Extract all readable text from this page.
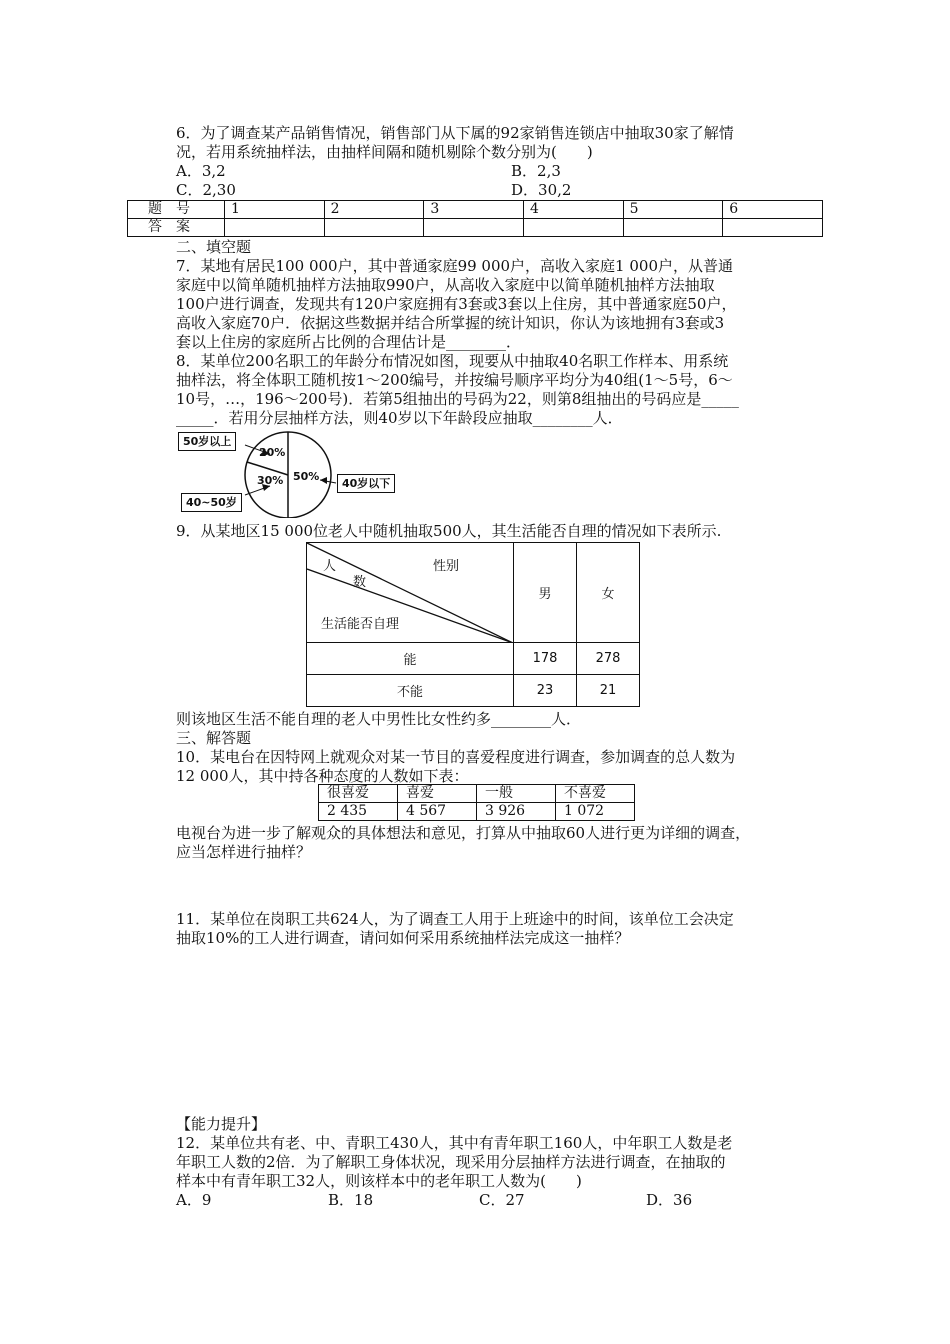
6．为了调查某产品销售情况，销售部门从下属的92家销售连锁店中抽取30家了解情
况，若用系统抽样法，由抽样间隔和随机剔除个数分别为(　　)
A．3,2	B．2,3
C．2,30	D．30,2
题号	1	2	3	4	5	6
答案						
二、填空题
7．某地有居民100 000户，其中普通家庭99 000户，高收入家庭1 000户，从普通
家庭中以简单随机抽样方法抽取990户，从高收入家庭中以简单随机抽样方法抽取
100户进行调查，发现共有120户家庭拥有3套或3套以上住房，其中普通家庭50户，
高收入家庭70户．依据这些数据并结合所掌握的统计知识，你认为该地拥有3套或3
套以上住房的家庭所占比例的合理估计是________．
8．某单位200名职工的年龄分布情况如图，现要从中抽取40名职工作样本、用系统
抽样法，将全体职工随机按1～200编号，并按编号顺序平均分为40组(1～5号，6～
10号，…，196～200号)．若第5组抽出的号码为22，则第8组抽出的号码应是_____
_____．若用分层抽样方法，则40岁以下年龄段应抽取________人．
50岁以上
20%
50%
30%	40岁以下
40~50岁
9．从某地区15 000位老人中随机抽取500人，其生活能否自理的情况如下表所示.
人
数
性别
生活能否自理	男	女
能	178	278
不能	23	21
则该地区生活不能自理的老人中男性比女性约多________人．
三、解答题
10．某电台在因特网上就观众对某一节目的喜爱程度进行调查，参加调查的总人数为
12 000人，其中持各种态度的人数如下表：
很喜爱	喜爱	一般	不喜爱
2 435	4 567	3 926	1 072
电视台为进一步了解观众的具体想法和意见，打算从中抽取60人进行更为详细的调查，
应当怎样进行抽样？
11．某单位在岗职工共624人，为了调查工人用于上班途中的时间，该单位工会决定
抽取10%的工人进行调查，请问如何采用系统抽样法完成这一抽样？
【能力提升】
12．某单位共有老、中、青职工430人，其中有青年职工160人，中年职工人数是老
年职工人数的2倍．为了解职工身体状况，现采用分层抽样方法进行调查，在抽取的
样本中有青年职工32人，则该样本中的老年职工人数为(　　)
A．9	B．18	C．27	D．36
